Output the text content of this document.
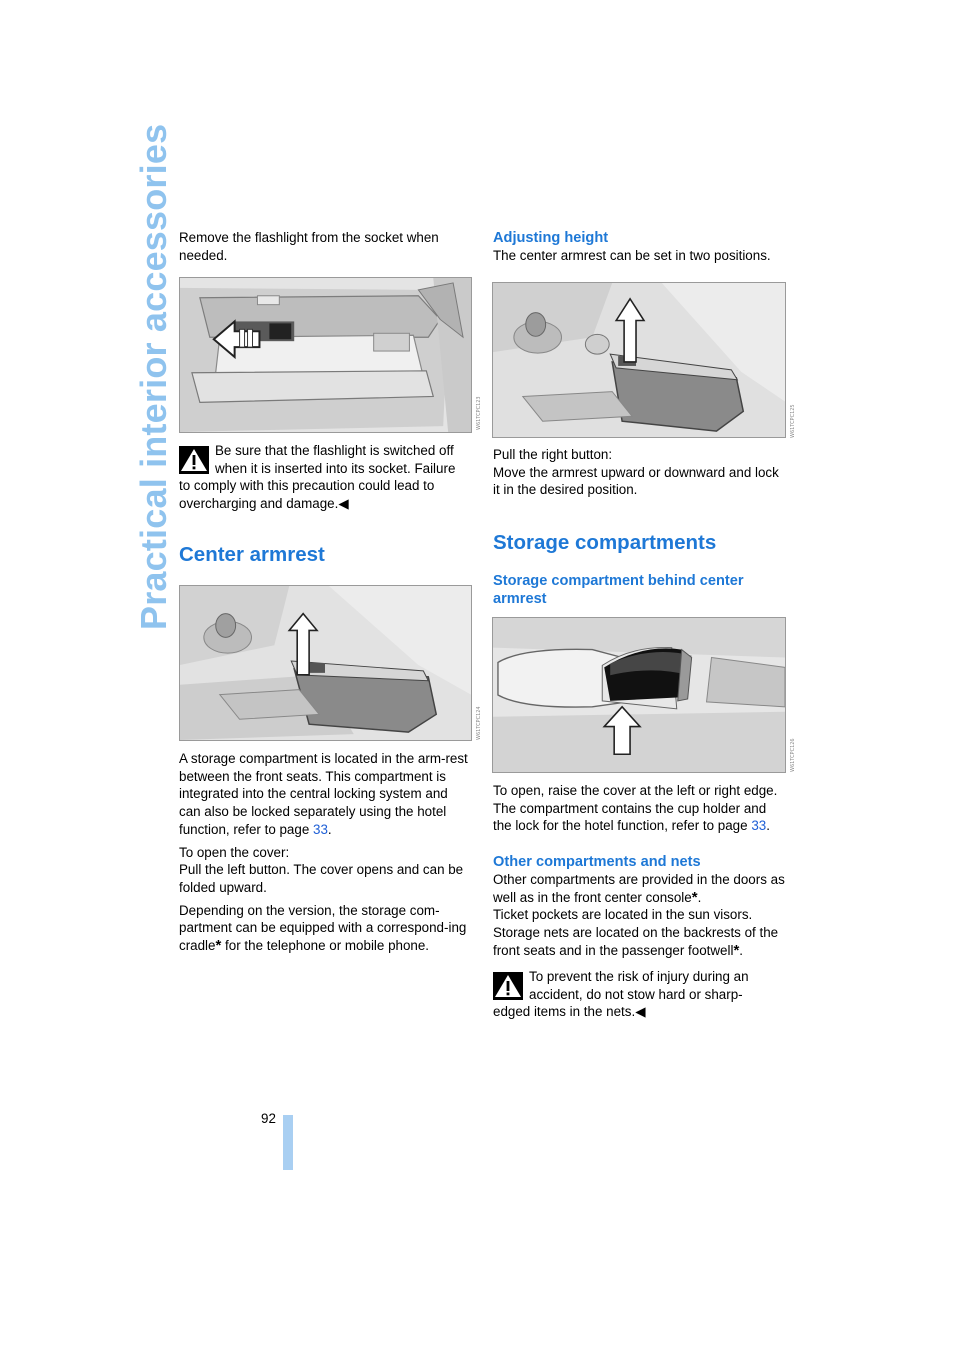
Practical interior accessories Remove the flashlight from the socket when needed.

W61TCPC123

Be sure that the flashlight is switched off

when it is inserted into its socket. Failure

to comply with this precaution could lead to overcharging and damage.◀

Center armrest
W61TCPC124

A storage compartment is located in the arm-rest between the front seats. This compartment is integrated into the central locking system and can also be locked separately using the hotel function, refer to page 33.

To open the cover:
Pull the left button. The cover opens and can be folded upward.

Depending on the version, the storage com-partment can be equipped with a correspond-ing cradle* for the telephone or mobile phone.

Adjusting height

The center armrest can be set in two positions.

W61TCPC125

Pull the right button:
Move the armrest upward or downward and lock it in the desired position.

Storage compartments
Storage compartment behind center armrest
W61TCPC126

To open, raise the cover at the left or right edge. The compartment contains the cup holder and the lock for the hotel function, refer to page 33.

Other compartments and nets

Other compartments are provided in the doors as well as in the front center console*.
Ticket pockets are located in the sun visors.
Storage nets are located on the backrests of the front seats and in the passenger footwell*.

To prevent the risk of injury during an

accident, do not stow hard or sharp-

edged items in the nets.◀

92
